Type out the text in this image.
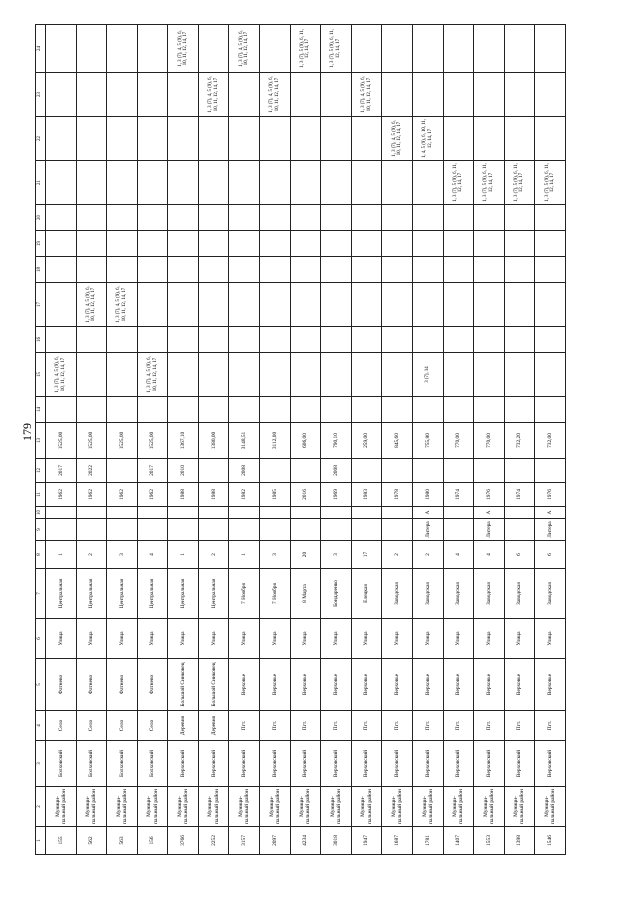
179
1	2	3	4	5	6	7	8	9	10	11	12	13	14	15	16	17	18	19	20	21	22	23	24
155	Муници-пальный район	Болховский	Село	Фатнево	Улица	Центральная	1			1962	2017	1525,00		1, 3 (7), 4, 5 (9), 6, 10, 11, 12, 14, 17									
562	Муници-пальный район	Болховский	Село	Фатнево	Улица	Центральная	2			1962	2022	1525,00				1, 3 (7), 4, 5 (9), 6, 10, 11, 12, 14, 17							
563	Муници-пальный район	Болховский	Село	Фатнево	Улица	Центральная	3			1962		1525,00				1, 3 (7), 4, 5 (9), 6, 10, 11, 12, 14, 17							
156	Муници-пальный район	Болховский	Село	Фатнево	Улица	Центральная	4			1962	2017	1525,00		1, 3 (7), 4, 5 (9), 6, 10, 11, 12, 14, 17									
3766	Муници-пальный район	Верховский	Деревня	Большой Синковец	Улица	Центральная	1			1988	2010	1367,10											1, 3 (7), 4, 5 (9), 6, 10, 11, 12, 14, 17
2252	Муници-пальный район	Верховский	Деревня	Большой Синковец	Улица	Центральная	2			1988		1380,00										1, 3 (7), 4, 5 (9), 6, 10, 11, 12, 14, 17	
3157	Муници-пальный район	Верховский	Пгт.	Верховье	Улица	7 Ноября	1			1982	2008	3148,51											1, 3 (7), 4, 5 (9), 6, 10, 11, 12, 14, 17
2097	Муници-пальный район	Верховский	Пгт.	Верховье	Улица	7 Ноября	3			1985		3112,00										1, 3 (7), 4, 5 (9), 6, 10, 11, 12, 14, 17	
4234	Муници-пальный район	Верховский	Пгт.	Верховье	Улица	8 Марта	20			2016		606,00											1, 3 (7), 5 (9), 6, 11, 12, 14, 17
3018	Муници-пальный район	Верховский	Пгт.	Верховье	Улица	Бондаренко	3			1969	2008	790,10											1, 3 (7), 5 (9), 6, 11, 12, 14, 17
1947	Муници-пальный район	Верховский	Пгт.	Верховье	Улица	Елецкая	17			1983		259,00										1, 3 (7), 4, 5 (9), 6, 10, 11, 12, 14, 17	
1687	Муници-пальный район	Верховский	Пгт.	Верховье	Улица	Заводская	2			1978		845,60									1, 3 (7), 4, 5 (9), 6, 10, 11, 12, 14, 17		
1781	Муници-пальный район	Верховский	Пгт.	Верховье	Улица	Заводская	2	Литера	А	1980		755,80		3 (7), 14							1, 4, 5 (9), 6, 10, 11, 12, 14, 17		
1407	Муници-пальный район	Верховский	Пгт.	Верховье	Улица	Заводская	4			1974		770,00								1, 3 (7), 5 (9), 6, 11, 12, 14, 17			
1553	Муници-пальный район	Верховский	Пгт.	Верховье	Улица	Заводская	4	Литера	А	1976		770,00								1, 3 (7), 5 (9), 6, 11, 12, 14, 17			
1398	Муници-пальный район	Верховский	Пгт.	Верховье	Улица	Заводская	6			1974		732,20								1, 3 (7), 5 (9), 6, 11, 12, 14, 17			
1546	Муници-пальный район	Верховский	Пгт.	Верховье	Улица	Заводская	6	Литера	А	1976		732,00								1, 3 (7), 5 (9), 6, 11, 12, 14, 17			
